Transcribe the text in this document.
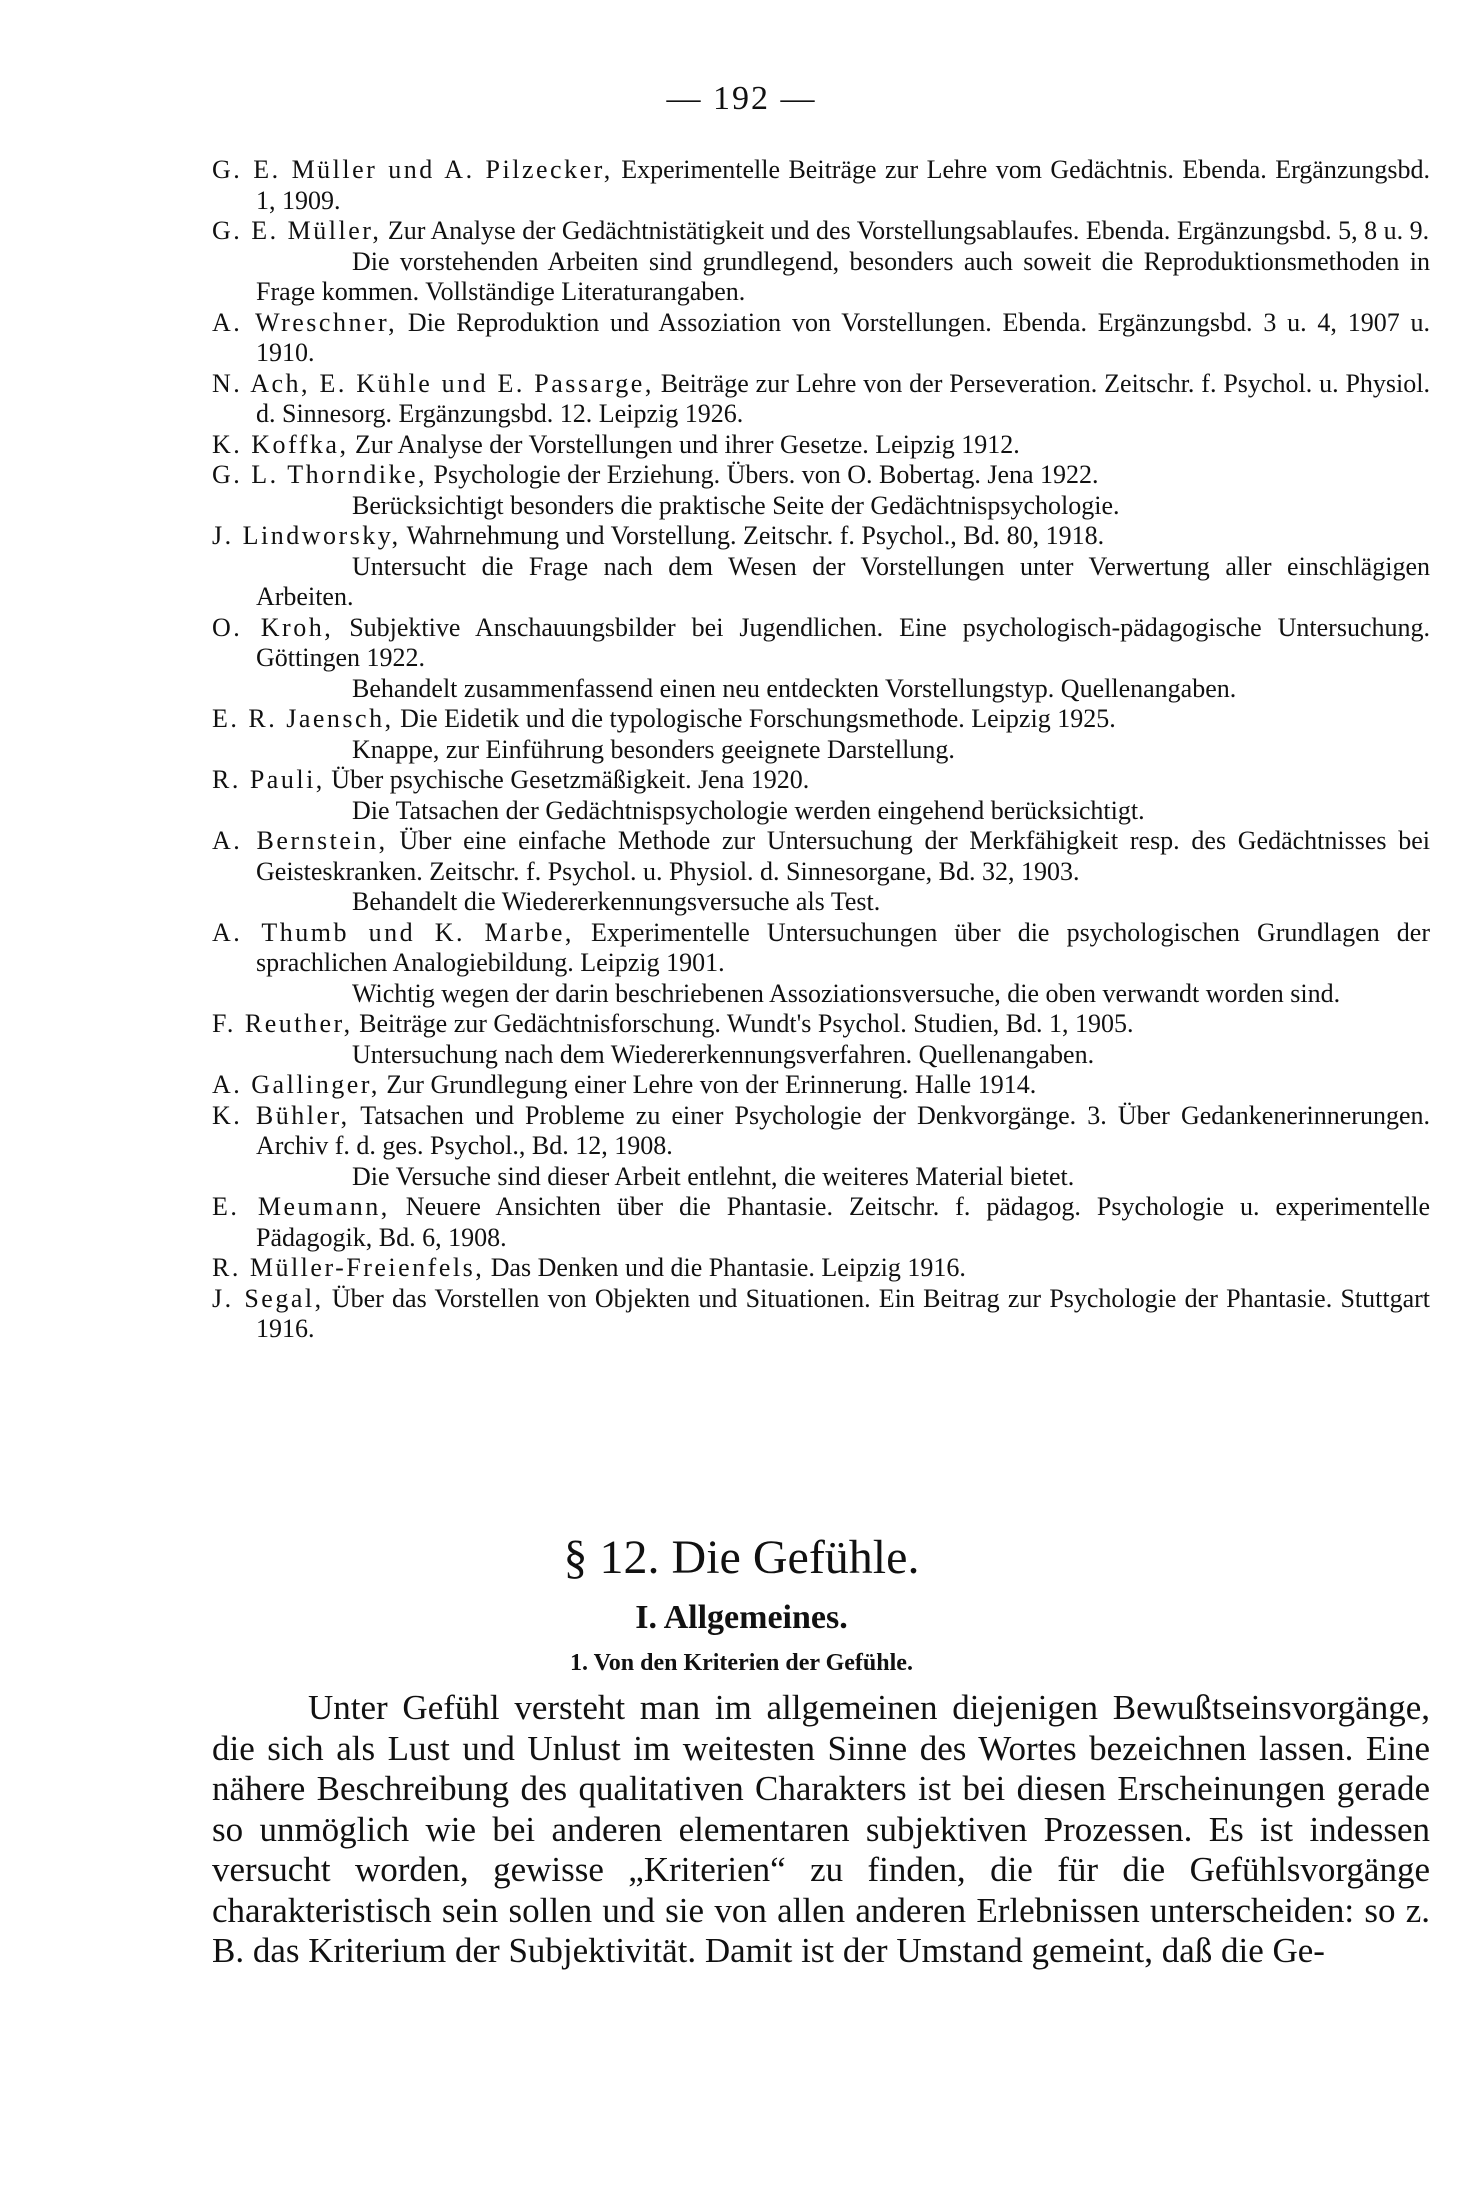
— 192 —
G. E. Müller und A. Pilzecker, Experimentelle Beiträge zur Lehre vom Gedächtnis. Ebenda. Ergänzungsbd. 1, 1909.
G. E. Müller, Zur Analyse der Gedächtnistätigkeit und des Vorstellungsablaufes. Ebenda. Ergänzungsbd. 5, 8 u. 9.
Die vorstehenden Arbeiten sind grundlegend, besonders auch soweit die Reproduktionsmethoden in Frage kommen. Vollständige Literaturangaben.
A. Wreschner, Die Reproduktion und Assoziation von Vorstellungen. Ebenda. Ergänzungsbd. 3 u. 4, 1907 u. 1910.
N. Ach, E. Kühle und E. Passarge, Beiträge zur Lehre von der Perseveration. Zeitschr. f. Psychol. u. Physiol. d. Sinnesorg. Ergänzungsbd. 12. Leipzig 1926.
K. Koffka, Zur Analyse der Vorstellungen und ihrer Gesetze. Leipzig 1912.
G. L. Thorndike, Psychologie der Erziehung. Übers. von O. Bobertag. Jena 1922.
Berücksichtigt besonders die praktische Seite der Gedächtnispsychologie.
J. Lindworsky, Wahrnehmung und Vorstellung. Zeitschr. f. Psychol., Bd. 80, 1918.
Untersucht die Frage nach dem Wesen der Vorstellungen unter Verwertung aller einschlägigen Arbeiten.
O. Kroh, Subjektive Anschauungsbilder bei Jugendlichen. Eine psychologisch-pädagogische Untersuchung. Göttingen 1922.
Behandelt zusammenfassend einen neu entdeckten Vorstellungstyp. Quellenangaben.
E. R. Jaensch, Die Eidetik und die typologische Forschungsmethode. Leipzig 1925.
Knappe, zur Einführung besonders geeignete Darstellung.
R. Pauli, Über psychische Gesetzmäßigkeit. Jena 1920.
Die Tatsachen der Gedächtnispsychologie werden eingehend berücksichtigt.
A. Bernstein, Über eine einfache Methode zur Untersuchung der Merkfähigkeit resp. des Gedächtnisses bei Geisteskranken. Zeitschr. f. Psychol. u. Physiol. d. Sinnesorgane, Bd. 32, 1903.
Behandelt die Wiedererkennungsversuche als Test.
A. Thumb und K. Marbe, Experimentelle Untersuchungen über die psychologischen Grundlagen der sprachlichen Analogiebildung. Leipzig 1901.
Wichtig wegen der darin beschriebenen Assoziationsversuche, die oben verwandt worden sind.
F. Reuther, Beiträge zur Gedächtnisforschung. Wundt's Psychol. Studien, Bd. 1, 1905.
Untersuchung nach dem Wiedererkennungsverfahren. Quellenangaben.
A. Gallinger, Zur Grundlegung einer Lehre von der Erinnerung. Halle 1914.
K. Bühler, Tatsachen und Probleme zu einer Psychologie der Denkvorgänge. 3. Über Gedankenerinnerungen. Archiv f. d. ges. Psychol., Bd. 12, 1908.
Die Versuche sind dieser Arbeit entlehnt, die weiteres Material bietet.
E. Meumann, Neuere Ansichten über die Phantasie. Zeitschr. f. pädagog. Psychologie u. experimentelle Pädagogik, Bd. 6, 1908.
R. Müller-Freienfels, Das Denken und die Phantasie. Leipzig 1916.
J. Segal, Über das Vorstellen von Objekten und Situationen. Ein Beitrag zur Psychologie der Phantasie. Stuttgart 1916.
§ 12. Die Gefühle.
I. Allgemeines.
1. Von den Kriterien der Gefühle.
Unter Gefühl versteht man im allgemeinen diejenigen Bewußtseinsvorgänge, die sich als Lust und Unlust im weitesten Sinne des Wortes bezeichnen lassen. Eine nähere Beschreibung des qualitativen Charakters ist bei diesen Erscheinungen gerade so unmöglich wie bei anderen elementaren subjektiven Prozessen. Es ist indessen versucht worden, gewisse „Kriterien“ zu finden, die für die Gefühlsvorgänge charakteristisch sein sollen und sie von allen anderen Erlebnissen unterscheiden: so z. B. das Kriterium der Subjektivität. Damit ist der Umstand gemeint, daß die Ge-
